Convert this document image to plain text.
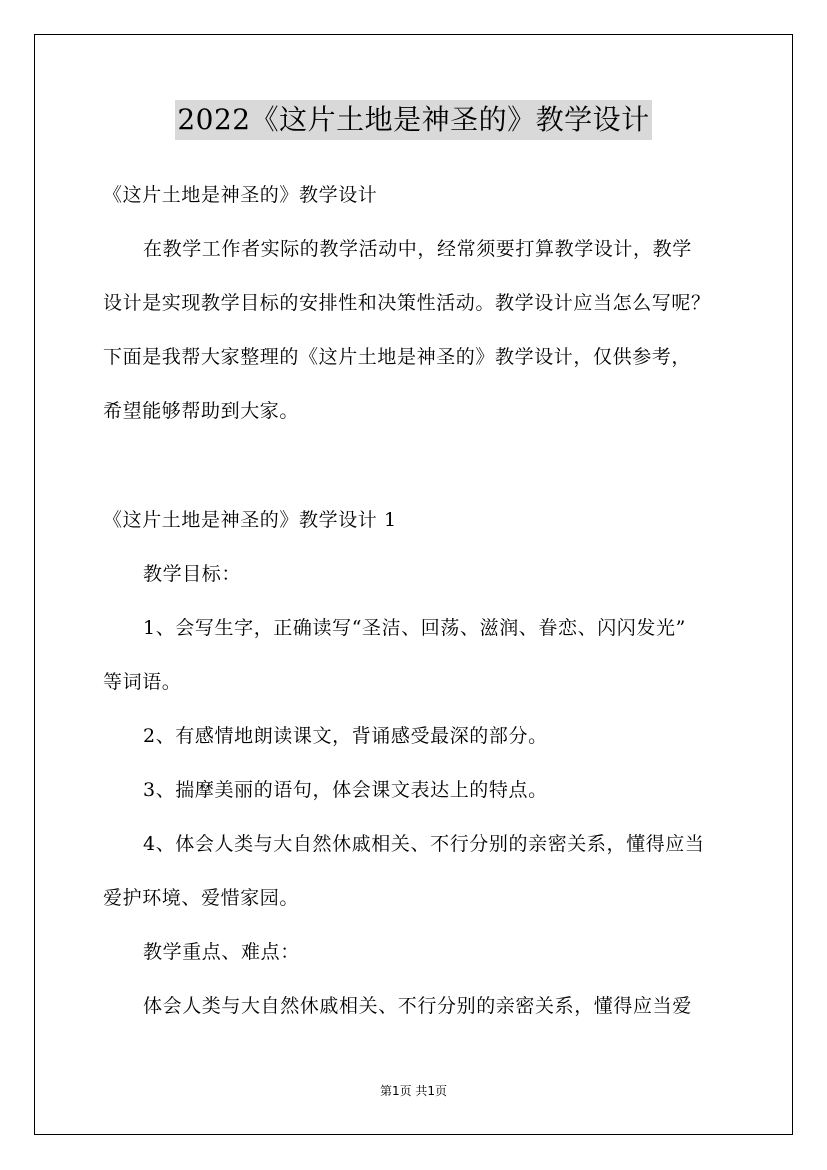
2022《这片土地是神圣的》教学设计
《这片土地是神圣的》教学设计
在教学工作者实际的教学活动中，经常须要打算教学设计，教学
设计是实现教学目标的安排性和决策性活动。教学设计应当怎么写呢？
下面是我帮大家整理的《这片土地是神圣的》教学设计，仅供参考，
希望能够帮助到大家。
《这片土地是神圣的》教学设计 1
教学目标：
1、会写生字，正确读写“圣洁、回荡、滋润、眷恋、闪闪发光”
等词语。
2、有感情地朗读课文，背诵感受最深的部分。
3、揣摩美丽的语句，体会课文表达上的特点。
4、体会人类与大自然休戚相关、不行分别的亲密关系，懂得应当
爱护环境、爱惜家园。
教学重点、难点：
体会人类与大自然休戚相关、不行分别的亲密关系，懂得应当爱
第1页 共1页
